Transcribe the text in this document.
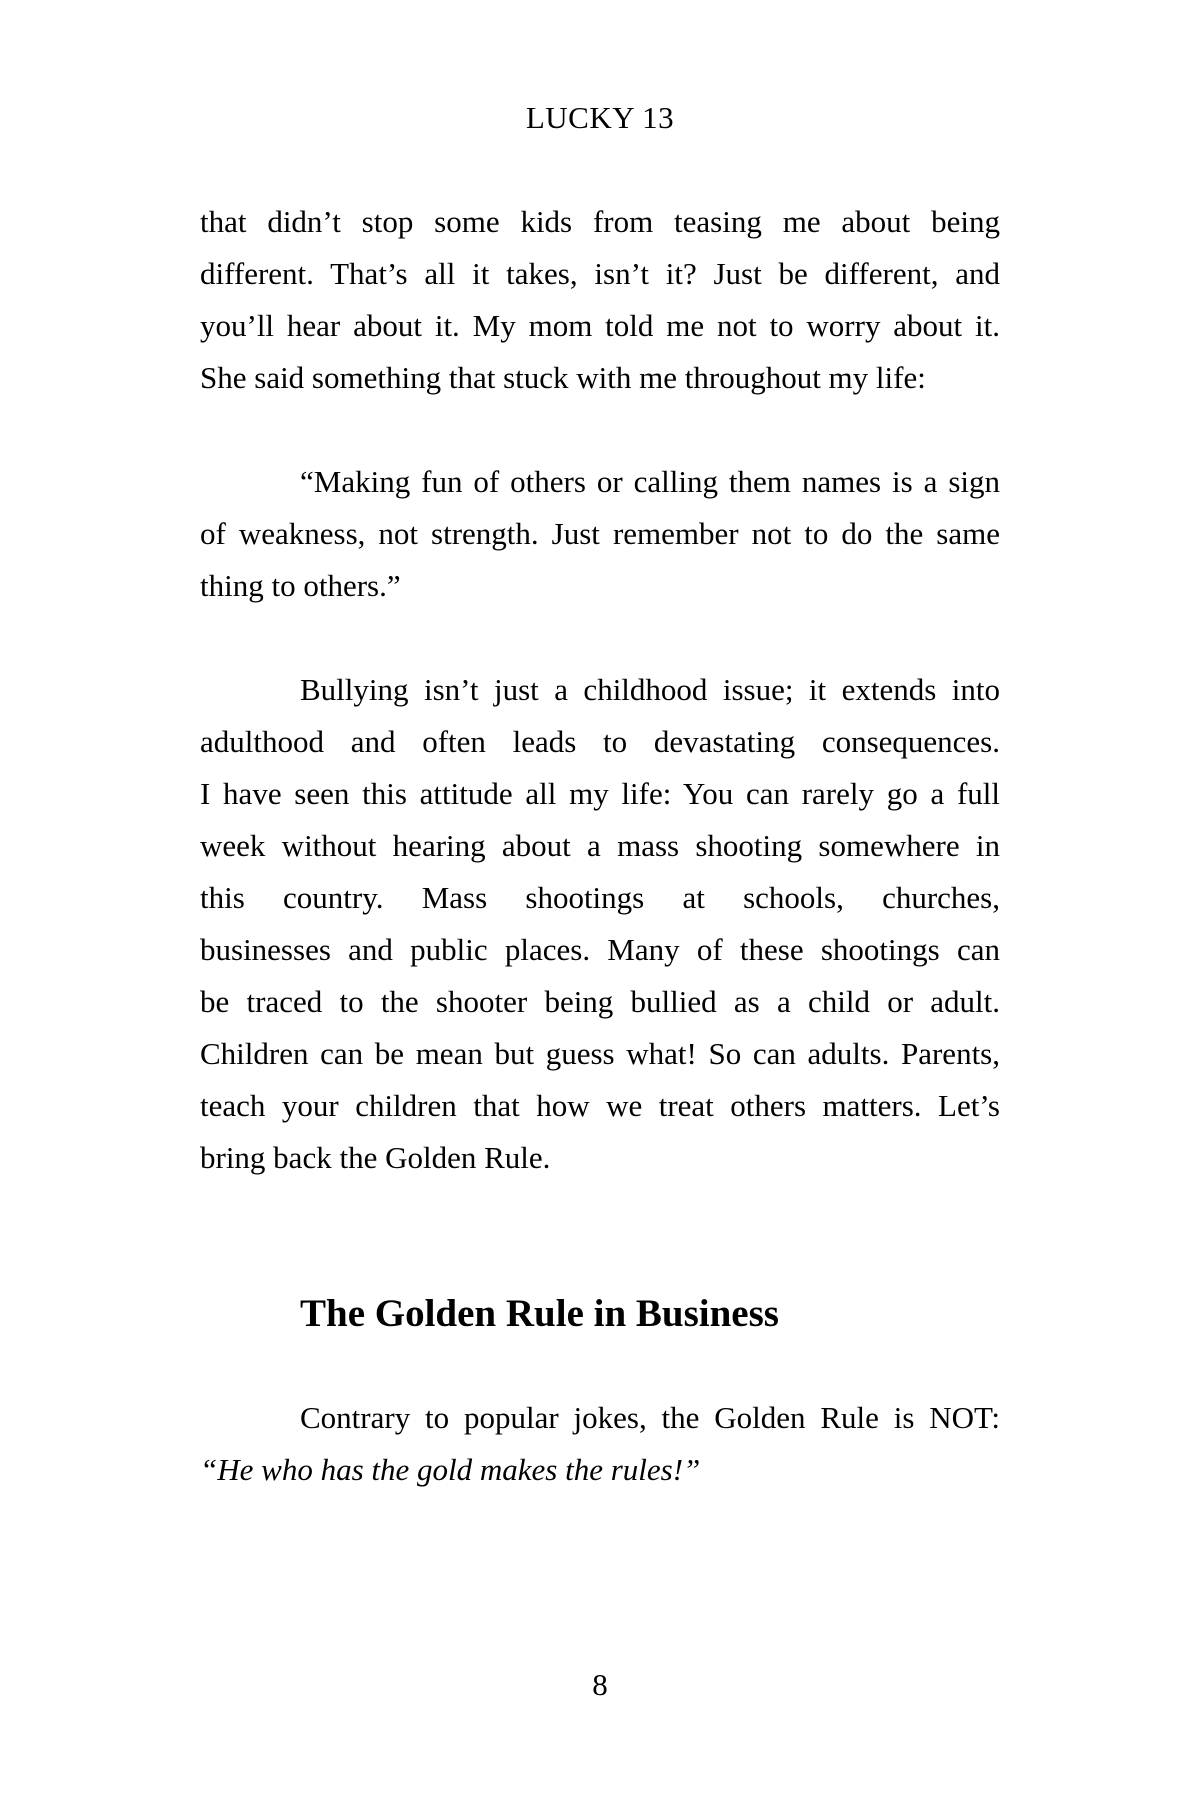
LUCKY 13
that didn’t stop some kids from teasing me about being
different. That’s all it takes, isn’t it? Just be different, and
you’ll hear about it. My mom told me not to worry about it.
She said something that stuck with me throughout my life:
“Making fun of others or calling them names is a sign
of weakness, not strength. Just remember not to do the same
thing to others.”
Bullying isn’t just a childhood issue; it extends into
adulthood and often leads to devastating consequences.
I have seen this attitude all my life: You can rarely go a full
week without hearing about a mass shooting somewhere in
this country. Mass shootings at schools, churches,
businesses and public places. Many of these shootings can
be traced to the shooter being bullied as a child or adult.
Children can be mean but guess what! So can adults. Parents,
teach your children that how we treat others matters. Let’s
bring back the Golden Rule.
The Golden Rule in Business
Contrary to popular jokes, the Golden Rule is NOT:
“He who has the gold makes the rules!”
8
